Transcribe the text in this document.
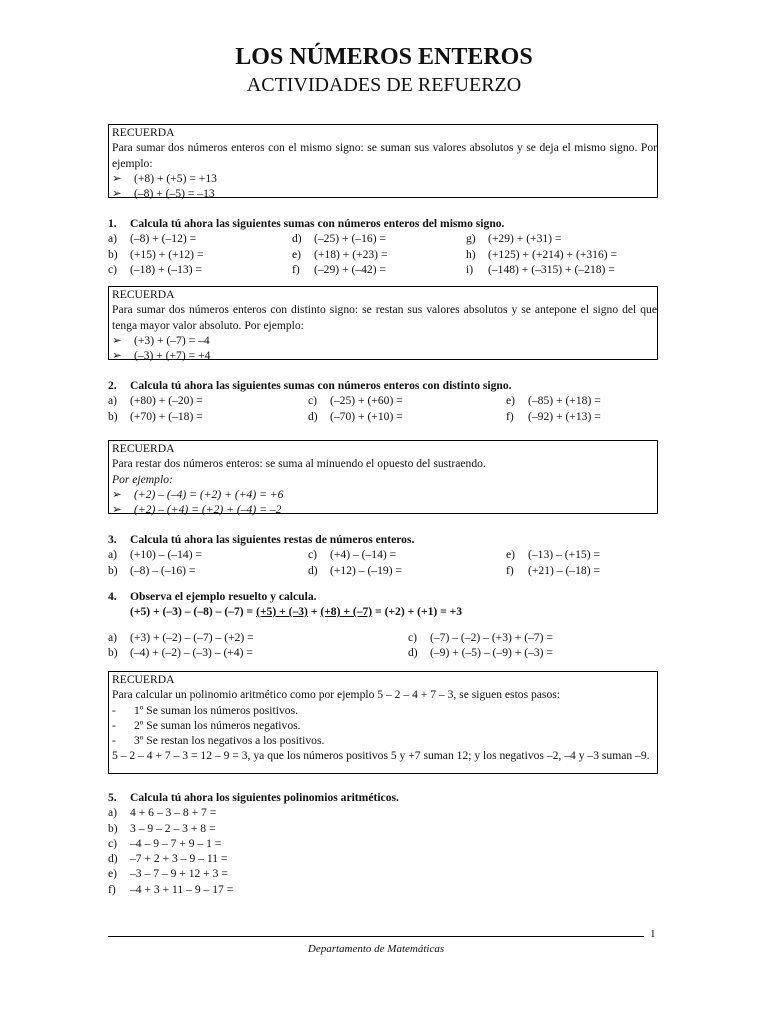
LOS NÚMEROS ENTEROS
ACTIVIDADES DE REFUERZO
RECUERDA
Para sumar dos números enteros con el mismo signo: se suman sus valores absolutos y se deja el mismo signo. Por ejemplo:
➢ (+8) + (+5) = +13
➢ (–8) + (–5) = –13
1. Calcula tú ahora las siguientes sumas con números enteros del mismo signo.
a) (–8) + (–12) =	d) (–25) + (–16) =	g) (+29) + (+31) =
b) (+15) + (+12) =	e) (+18) + (+23) =	h) (+125) + (+214) + (+316) =
c) (–18) + (–13) =	f) (–29) + (–42) =	i) (–148) + (–315) + (–218) =
RECUERDA
Para sumar dos números enteros con distinto signo: se restan sus valores absolutos y se antepone el signo del que tenga mayor valor absoluto. Por ejemplo:
➢ (+3) + (–7) = –4
➢ (–3) + (+7) = +4
2. Calcula tú ahora las siguientes sumas con números enteros con distinto signo.
a) (+80) + (–20) =	c) (–25) + (+60) =	e) (–85) + (+18) =
b) (+70) + (–18) =	d) (–70) + (+10) =	f) (–92) + (+13) =
RECUERDA
Para restar dos números enteros: se suma al minuendo el opuesto del sustraendo.
Por ejemplo:
➢ (+2) – (–4) = (+2) + (+4) = +6
➢ (+2) – (+4) = (+2) + (–4) = –2
3. Calcula tú ahora las siguientes restas de números enteros.
a) (+10) – (–14) =	c) (+4) – (–14) =	e) (–13) – (+15) =
b) (–8) – (–16) =	d) (+12) – (–19) =	f) (+21) – (–18) =
4. Observa el ejemplo resuelto y calcula.
(+5) + (–3) – (–8) – (–7) = (+5) + (–3) + (+8) + (–7) = (+2) + (+1) = +3
a) (+3) + (–2) – (–7) – (+2) =	c) (–7) – (–2) – (+3) + (–7) =
b) (–4) + (–2) – (–3) – (+4) =	d) (–9) + (–5) – (–9) + (–3) =
RECUERDA
Para calcular un polinomio aritmético como por ejemplo 5 – 2 – 4 + 7 – 3, se siguen estos pasos:
- 1º Se suman los números positivos.
- 2º Se suman los números negativos.
- 3º Se restan los negativos a los positivos.
5 – 2 – 4 + 7 – 3 = 12 – 9 = 3, ya que los números positivos 5 y +7 suman 12; y los negativos –2, –4 y –3 suman –9.
5. Calcula tú ahora los siguientes polinomios aritméticos.
a) 4 + 6 – 3 – 8 + 7 =
b) 3 – 9 – 2 – 3 + 8 =
c) –4 – 9 – 7 + 9 – 1 =
d) –7 + 2 + 3 – 9 – 11 =
e) –3 – 7 – 9 + 12 + 3 =
f) –4 + 3 + 11 – 9 – 17 =
1
Departamento de Matemáticas
